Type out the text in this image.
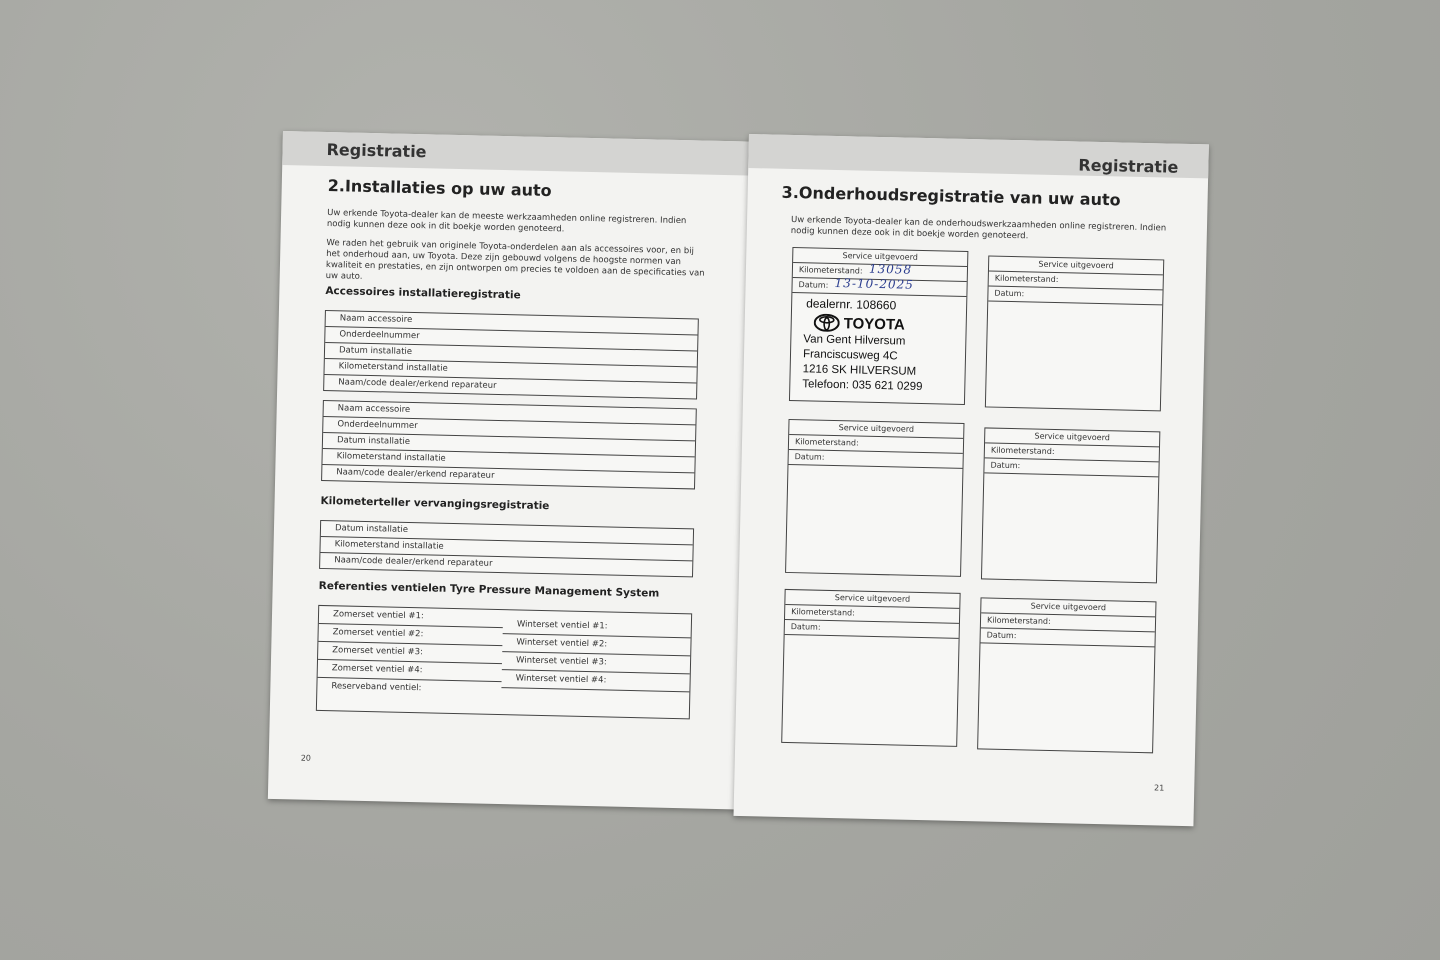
Registratie
2.Installaties op uw auto
Uw erkende Toyota-dealer kan de meeste werkzaamheden online registreren. Indien nodig kunnen deze ook in dit boekje worden genoteerd.
We raden het gebruik van originele Toyota-onderdelen aan als accessoires voor, en bij het onderhoud aan, uw Toyota. Deze zijn gebouwd volgens de hoogste normen van kwaliteit en prestaties, en zijn ontworpen om precies te voldoen aan de specificaties van uw auto.
Accessoires installatieregistratie
Naam accessoire
Onderdeelnummer
Datum installatie
Kilometerstand installatie
Naam/code dealer/erkend reparateur
Naam accessoire
Onderdeelnummer
Datum installatie
Kilometerstand installatie
Naam/code dealer/erkend reparateur
Kilometerteller vervangingsregistratie
Datum installatie
Kilometerstand installatie
Naam/code dealer/erkend reparateur
Referenties ventielen Tyre Pressure Management System
Zomerset ventiel #1:
Zomerset ventiel #2:
Zomerset ventiel #3:
Zomerset ventiel #4:
Reserveband ventiel:
Winterset ventiel #1:
Winterset ventiel #2:
Winterset ventiel #3:
Winterset ventiel #4:
20
Registratie
3.Onderhoudsregistratie van uw auto
Uw erkende Toyota-dealer kan de onderhoudswerkzaamheden online registreren. Indien nodig kunnen deze ook in dit boekje worden genoteerd.
Service uitgevoerd
Kilometerstand: 13058
Datum: 13-10-2025
dealernr. 108660
TOYOTA
Van Gent Hilversum
Franciscusweg 4C
1216 SK HILVERSUM
Telefoon: 035 621 0299
Service uitgevoerd
Kilometerstand:
Datum:
Service uitgevoerd
Kilometerstand:
Datum:
Service uitgevoerd
Kilometerstand:
Datum:
Service uitgevoerd
Kilometerstand:
Datum:
Service uitgevoerd
Kilometerstand:
Datum:
21
